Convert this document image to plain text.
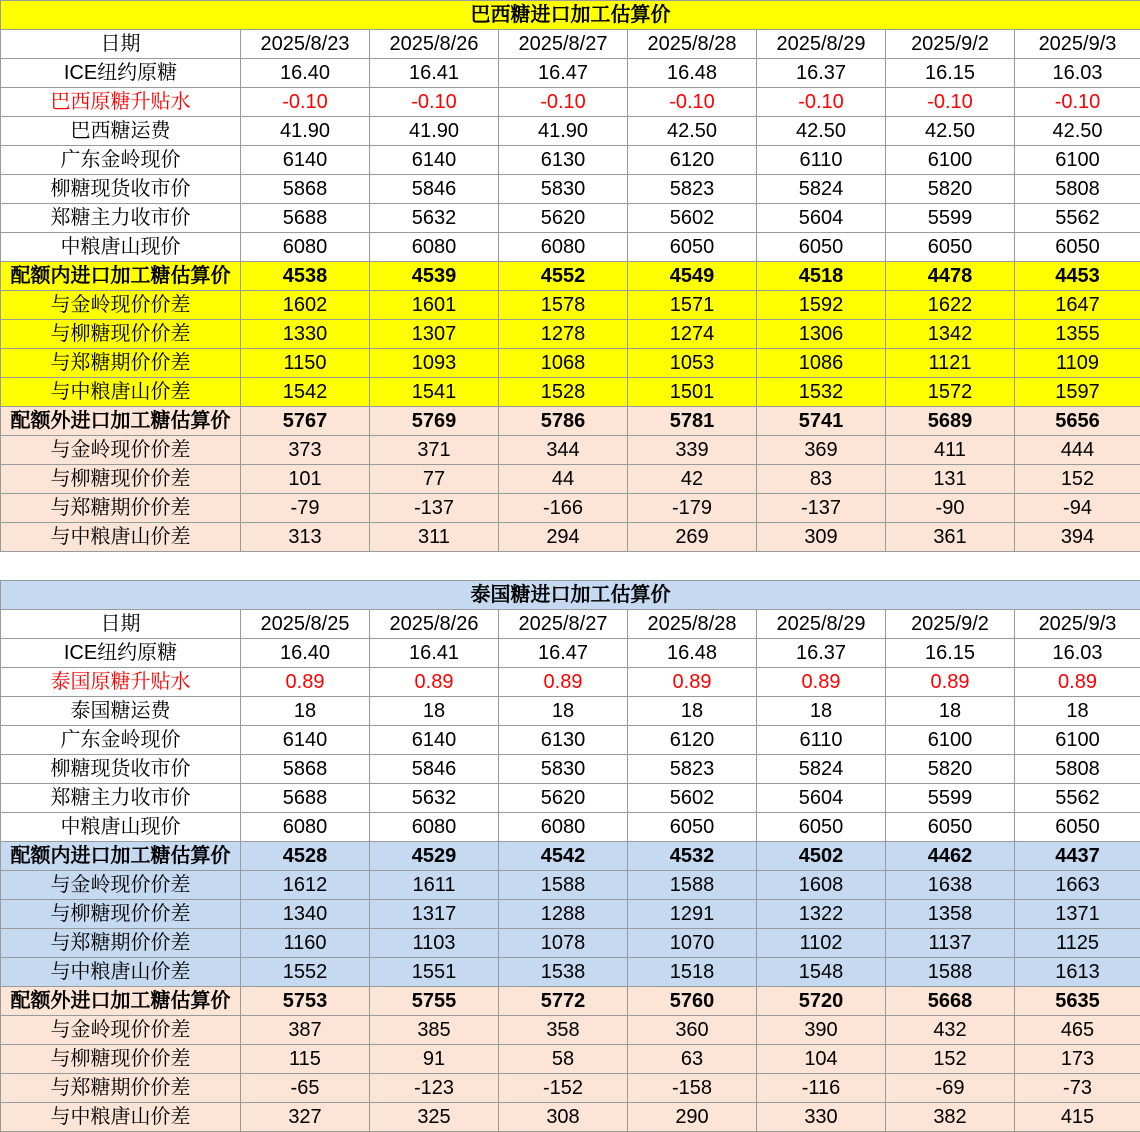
巴西糖进口加工估算价							
日期	2025/8/23	2025/8/26	2025/8/27	2025/8/28	2025/8/29	2025/9/2	2025/9/3
ICE纽约原糖	16.40	16.41	16.47	16.48	16.37	16.15	16.03
巴西原糖升贴水	-0.10	-0.10	-0.10	-0.10	-0.10	-0.10	-0.10
巴西糖运费	41.90	41.90	41.90	42.50	42.50	42.50	42.50
广东金岭现价	6140	6140	6130	6120	6110	6100	6100
柳糖现货收市价	5868	5846	5830	5823	5824	5820	5808
郑糖主力收市价	5688	5632	5620	5602	5604	5599	5562
中粮唐山现价	6080	6080	6080	6050	6050	6050	6050
配额内进口加工糖估算价	4538	4539	4552	4549	4518	4478	4453
与金岭现价价差	1602	1601	1578	1571	1592	1622	1647
与柳糖现价价差	1330	1307	1278	1274	1306	1342	1355
与郑糖期价价差	1150	1093	1068	1053	1086	1121	1109
与中粮唐山价差	1542	1541	1528	1501	1532	1572	1597
配额外进口加工糖估算价	5767	5769	5786	5781	5741	5689	5656
与金岭现价价差	373	371	344	339	369	411	444
与柳糖现价价差	101	77	44	42	83	131	152
与郑糖期价价差	-79	-137	-166	-179	-137	-90	-94
与中粮唐山价差	313	311	294	269	309	361	394
泰国糖进口加工估算价							
日期	2025/8/25	2025/8/26	2025/8/27	2025/8/28	2025/8/29	2025/9/2	2025/9/3
ICE纽约原糖	16.40	16.41	16.47	16.48	16.37	16.15	16.03
泰国原糖升贴水	0.89	0.89	0.89	0.89	0.89	0.89	0.89
泰国糖运费	18	18	18	18	18	18	18
广东金岭现价	6140	6140	6130	6120	6110	6100	6100
柳糖现货收市价	5868	5846	5830	5823	5824	5820	5808
郑糖主力收市价	5688	5632	5620	5602	5604	5599	5562
中粮唐山现价	6080	6080	6080	6050	6050	6050	6050
配额内进口加工糖估算价	4528	4529	4542	4532	4502	4462	4437
与金岭现价价差	1612	1611	1588	1588	1608	1638	1663
与柳糖现价价差	1340	1317	1288	1291	1322	1358	1371
与郑糖期价价差	1160	1103	1078	1070	1102	1137	1125
与中粮唐山价差	1552	1551	1538	1518	1548	1588	1613
配额外进口加工糖估算价	5753	5755	5772	5760	5720	5668	5635
与金岭现价价差	387	385	358	360	390	432	465
与柳糖现价价差	115	91	58	63	104	152	173
与郑糖期价价差	-65	-123	-152	-158	-116	-69	-73
与中粮唐山价差	327	325	308	290	330	382	415
